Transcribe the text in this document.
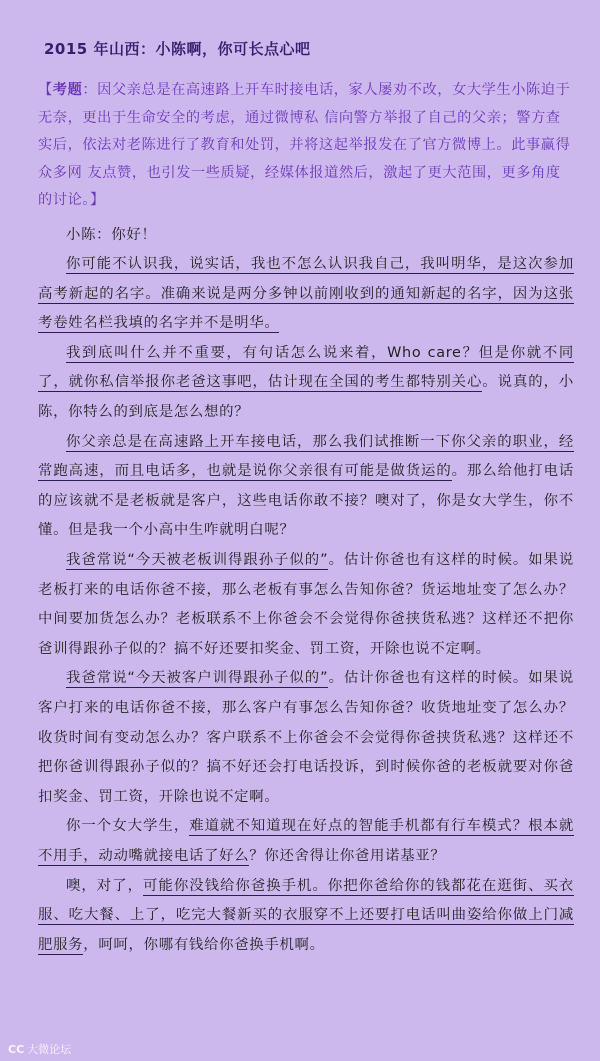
2015 年山西：小陈啊，你可长点心吧

【考题：因父亲总是在高速路上开车时接电话，家人屡劝不改，女大学生小陈迫于无奈，更出于生命安全的考虑，通过微博私 信向警方举报了自己的父亲；警方查实后，依法对老陈进行了教育和处罚，并将这起举报发在了官方微博上。此事赢得众多网 友点赞，也引发一些质疑，经媒体报道然后，激起了更大范围，更多角度的讨论。】

小陈：你好！

你可能不认识我，说实话，我也不怎么认识我自己，我叫明华，是这次参加高考新起的名字。准确来说是两分多钟以前刚收到的通知新起的名字，因为这张考卷姓名栏我填的名字并不是明华。

我到底叫什么并不重要，有句话怎么说来着，Who care？但是你就不同了，就你私信举报你老爸这事吧，估计现在全国的考生都特别关心。说真的，小陈，你特么的到底是怎么想的？

你父亲总是在高速路上开车接电话，那么我们试推断一下你父亲的职业，经常跑高速，而且电话多，也就是说你父亲很有可能是做货运的。那么给他打电话的应该就不是老板就是客户，这些电话你敢不接？噢对了，你是女大学生，你不懂。但是我一个小高中生咋就明白呢？

我爸常说“今天被老板训得跟孙子似的”。估计你爸也有这样的时候。如果说老板打来的电话你爸不接，那么老板有事怎么告知你爸？货运地址变了怎么办？中间要加货怎么办？老板联系不上你爸会不会觉得你爸挟货私逃？这样还不把你爸训得跟孙子似的？搞不好还要扣奖金、罚工资，开除也说不定啊。

我爸常说“今天被客户训得跟孙子似的”。估计你爸也有这样的时候。如果说客户打来的电话你爸不接，那么客户有事怎么告知你爸？收货地址变了怎么办？收货时间有变动怎么办？客户联系不上你爸会不会觉得你爸挟货私逃？这样还不把你爸训得跟孙子似的？搞不好还会打电话投诉，到时候你爸的老板就要对你爸扣奖金、罚工资，开除也说不定啊。

你一个女大学生，难道就不知道现在好点的智能手机都有行车模式？根本就不用手，动动嘴就接电话了好么？你还舍得让你爸用诺基亚？

噢，对了，可能你没钱给你爸换手机。你把你爸给你的钱都花在逛街、买衣服、吃大餐、上了，吃完大餐新买的衣服穿不上还要打电话叫曲姿给你做上门减肥服务，呵呵，你哪有钱给你爸换手机啊。

CC 大微论坛
